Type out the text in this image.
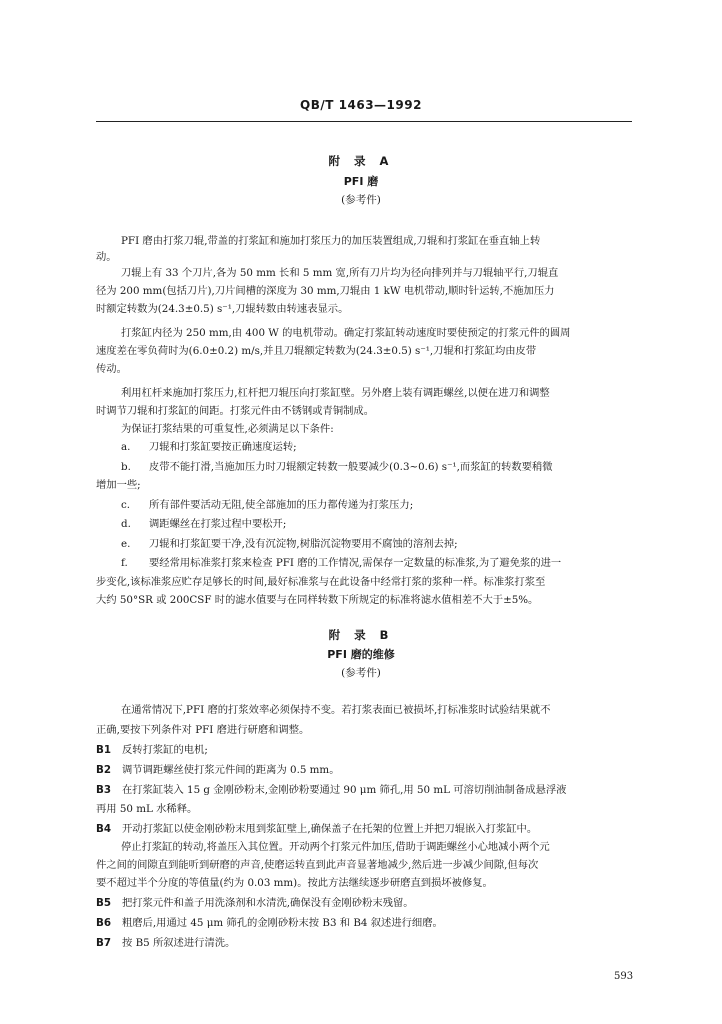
QB/T 1463—1992
附 录 A
PFI 磨
(参考件)
PFI 磨由打浆刀辊,带盖的打浆缸和施加打浆压力的加压装置组成,刀辊和打浆缸在垂直轴上转
动。
刀辊上有 33 个刀片,各为 50 mm 长和 5 mm 宽,所有刀片均为径向排列并与刀辊轴平行,刀辊直
径为 200 mm(包括刀片),刀片间槽的深度为 30 mm,刀辊由 1 kW 电机带动,顺时针运转,不施加压力
时额定转数为(24.3±0.5) s⁻¹,刀辊转数由转速表显示。
打浆缸内径为 250 mm,由 400 W 的电机带动。确定打浆缸转动速度时要使预定的打浆元件的圆周
速度差在零负荷时为(6.0±0.2) m/s,并且刀辊额定转数为(24.3±0.5) s⁻¹,刀辊和打浆缸均由皮带
传动。
利用杠杆来施加打浆压力,杠杆把刀辊压向打浆缸壁。另外磨上装有调距螺丝,以便在进刀和调整
时调节刀辊和打浆缸的间距。打浆元件由不锈钢或青铜制成。
为保证打浆结果的可重复性,必须满足以下条件:
a. 刀辊和打浆缸要按正确速度运转;
b. 皮带不能打滑,当施加压力时刀辊额定转数一般要减少(0.3~0.6) s⁻¹,而浆缸的转数要稍微
增加一些;
c. 所有部件要活动无阻,使全部施加的压力都传递为打浆压力;
d. 调距螺丝在打浆过程中要松开;
e. 刀辊和打浆缸要干净,没有沉淀物,树脂沉淀物要用不腐蚀的溶剂去掉;
f. 要经常用标准浆打浆来检查 PFI 磨的工作情况,需保存一定数量的标准浆,为了避免浆的进一
步变化,该标准浆应贮存足够长的时间,最好标准浆与在此设备中经常打浆的浆种一样。标准浆打浆至
大约 50°SR 或 200CSF 时的滤水值要与在同样转数下所规定的标准将滤水值相差不大于±5%。
附 录 B
PFI 磨的维修
(参考件)
在通常情况下,PFI 磨的打浆效率必须保持不变。若打浆表面已被损坏,打标准浆时试验结果就不
正确,要按下列条件对 PFI 磨进行研磨和调整。
B1 反转打浆缸的电机;
B2 调节调距螺丝使打浆元件间的距离为 0.5 mm。
B3 在打浆缸装入 15 g 金刚砂粉末,金刚砂粉要通过 90 μm 筛孔,用 50 mL 可溶切削油制备成悬浮液
再用 50 mL 水稀释。
B4 开动打浆缸以使金刚砂粉末甩到浆缸壁上,确保盖子在托架的位置上并把刀辊嵌入打浆缸中。
停止打浆缸的转动,将盖压入其位置。开动两个打浆元件加压,借助于调距螺丝小心地减小两个元
件之间的间隙直到能听到研磨的声音,使磨运转直到此声音显著地减少,然后进一步减少间隙,但每次
要不超过半个分度的等值量(约为 0.03 mm)。按此方法继续逐步研磨直到损坏被修复。
B5 把打浆元件和盖子用洗涤剂和水清洗,确保没有金刚砂粉末残留。
B6 粗磨后,用通过 45 μm 筛孔的金刚砂粉末按 B3 和 B4 叙述进行细磨。
B7 按 B5 所叙述进行清洗。
593
